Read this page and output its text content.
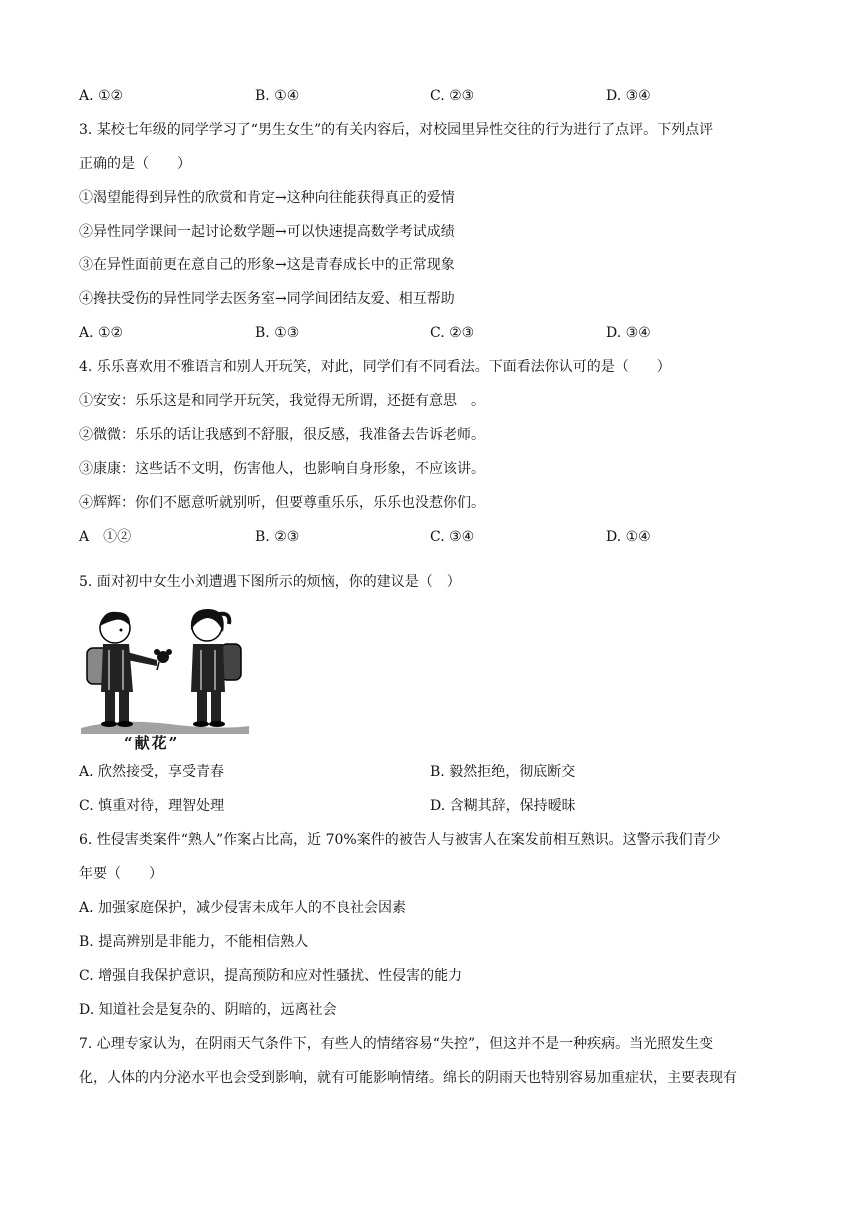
A. ①②	B. ①④	C. ②③	D. ③④
3. 某校七年级的同学学习了“男生女生”的有关内容后，对校园里异性交往的行为进行了点评。下列点评
正确的是（　　）
①渴望能得到异性的欣赏和肯定→这种向往能获得真正的爱情
②异性同学课间一起讨论数学题→可以快速提高数学考试成绩
③在异性面前更在意自己的形象→这是青春成长中的正常现象
④搀扶受伤的异性同学去医务室→同学间团结友爱、相互帮助
A. ①②	B. ①③	C. ②③	D. ③④
4. 乐乐喜欢用不雅语言和别人开玩笑，对此，同学们有不同看法。下面看法你认可的是（　　）
①安安：乐乐这是和同学开玩笑，我觉得无所谓，还挺有意思　。
②微微：乐乐的话让我感到不舒服，很反感，我准备去告诉老师。
③康康：这些话不文明，伤害他人，也影响自身形象，不应该讲。
④辉辉：你们不愿意听就别听，但要尊重乐乐，乐乐也没惹你们。
A　①②	B. ②③	C. ③④	D. ①④
5. 面对初中女生小刘遭遇下图所示的烦恼，你的建议是（　）
“献花”
A. 欣然接受，享受青春	B. 毅然拒绝，彻底断交
C. 慎重对待，理智处理	D. 含糊其辞，保持暧昧
6. 性侵害类案件“熟人”作案占比高，近 70%案件的被告人与被害人在案发前相互熟识。这警示我们青少
年要（　　）
A. 加强家庭保护，减少侵害未成年人的不良社会因素
B. 提高辨别是非能力，不能相信熟人
C. 增强自我保护意识，提高预防和应对性骚扰、性侵害的能力
D. 知道社会是复杂的、阴暗的，远离社会
7. 心理专家认为，在阴雨天气条件下，有些人的情绪容易“失控”，但这并不是一种疾病。当光照发生变
化，人体的内分泌水平也会受到影响，就有可能影响情绪。绵长的阴雨天也特别容易加重症状，主要表现有
